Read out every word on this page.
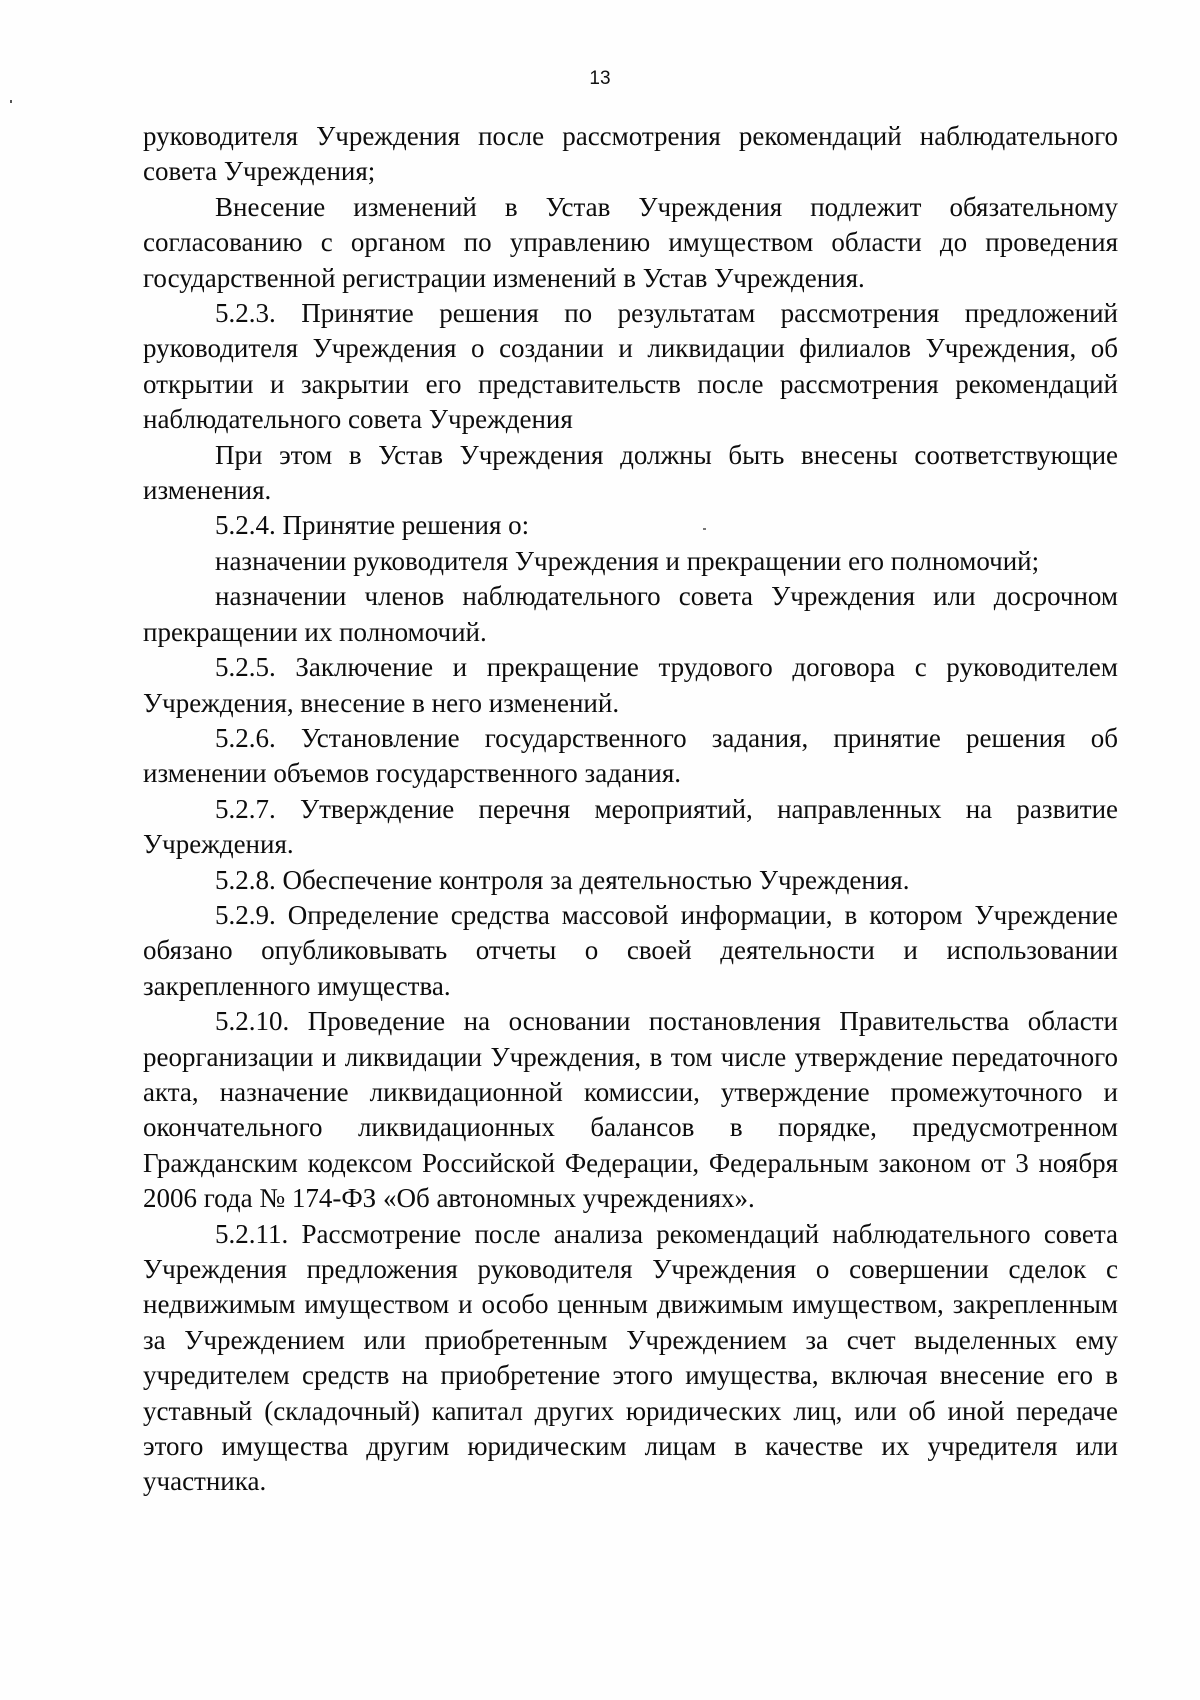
13

руководителя Учреждения после рассмотрения рекомендаций наблюдательного совета Учреждения;

Внесение изменений в Устав Учреждения подлежит обязательному согласованию с органом по управлению имуществом области до проведения государственной регистрации изменений в Устав Учреждения.

5.2.3. Принятие решения по результатам рассмотрения предложений руководителя Учреждения о создании и ликвидации филиалов Учреждения, об открытии и закрытии его представительств после рассмотрения рекомендаций наблюдательного совета Учреждения

При этом в Устав Учреждения должны быть внесены соответствующие изменения.

5.2.4. Принятие решения о:

назначении руководителя Учреждения и прекращении его полномочий;

назначении членов наблюдательного совета Учреждения или досрочном прекращении их полномочий.

5.2.5. Заключение и прекращение трудового договора с руководителем Учреждения, внесение в него изменений.

5.2.6. Установление государственного задания, принятие решения об изменении объемов государственного задания.

5.2.7. Утверждение перечня мероприятий, направленных на развитие Учреждения.

5.2.8. Обеспечение контроля за деятельностью Учреждения.

5.2.9. Определение средства массовой информации, в котором Учреждение обязано опубликовывать отчеты о своей деятельности и использовании закрепленного имущества.

5.2.10. Проведение на основании постановления Правительства области реорганизации и ликвидации Учреждения, в том числе утверждение передаточного акта, назначение ликвидационной комиссии, утверждение промежуточного и окончательного ликвидационных балансов в порядке, предусмотренном Гражданским кодексом Российской Федерации, Федеральным законом от 3 ноября 2006 года № 174-ФЗ «Об автономных учреждениях».

5.2.11. Рассмотрение после анализа рекомендаций наблюдательного совета Учреждения предложения руководителя Учреждения о совершении сделок с недвижимым имуществом и особо ценным движимым имуществом, закрепленным за Учреждением или приобретенным Учреждением за счет выделенных ему учредителем средств на приобретение этого имущества, включая внесение его в уставный (складочный) капитал других юридических лиц, или об иной передаче этого имущества другим юридическим лицам в качестве их учредителя или участника.
